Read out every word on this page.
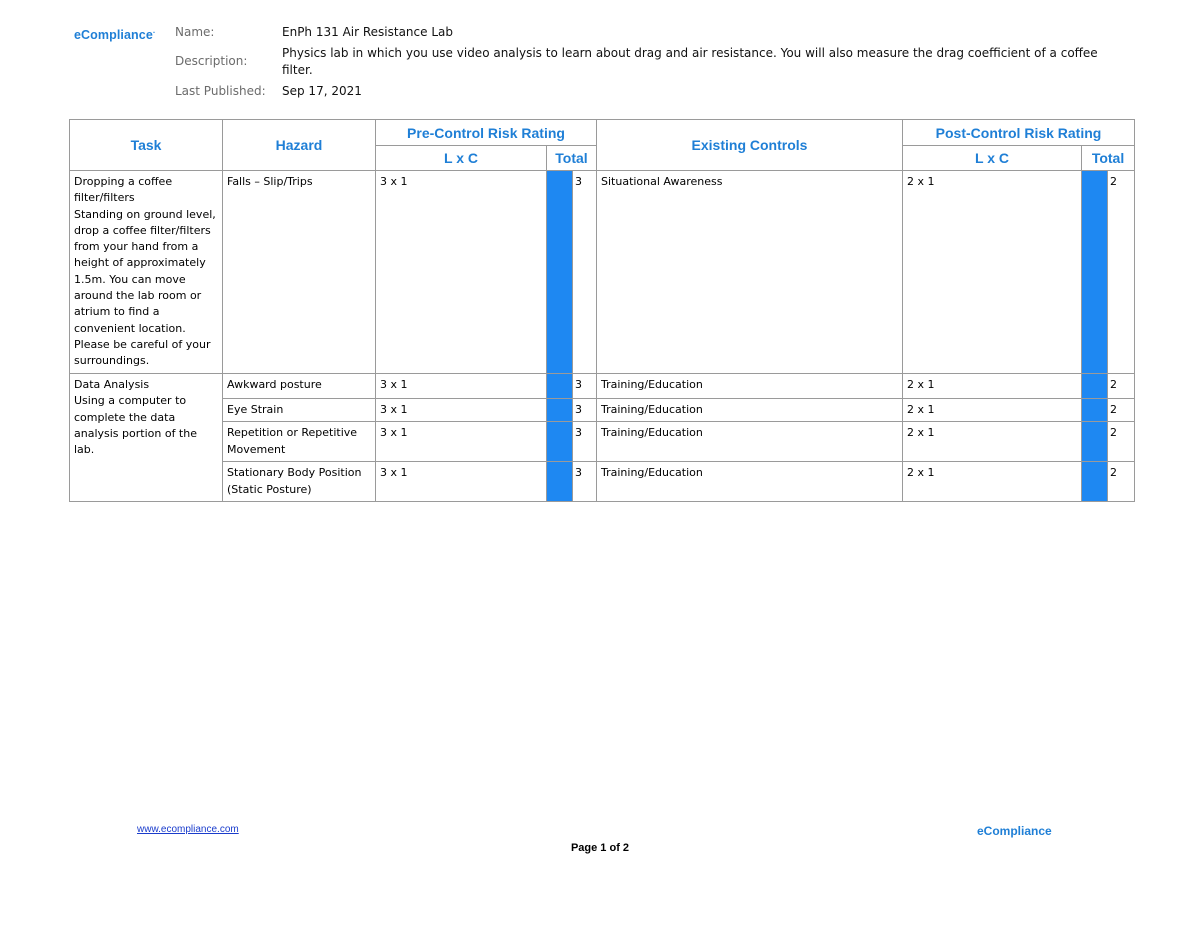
eCompliance· Name:	EnPh 131 Air Resistance Lab
Description:
Physics lab in which you use video analysis to learn about drag and air resistance. You will also measure the drag coefficient of a coffee filter.
Last Published: Sep 17, 2021
Task	Hazard	Pre-Control Risk Rating			Existing Controls	Post-Control Risk Rating		
		L x C	Total			L x C	Total	

Dropping a coffee filter/filters
Standing on ground level, drop a coffee filter/filters from your hand from a height of approximately 1.5m. You can move around the lab room or atrium to find a convenient location. Please be careful of your surroundings.	Falls – Slip/Trips	3 x 1		3	Situational Awareness	2 x 1		2

Data Analysis
Using a computer to complete the data analysis portion of the lab.	Awkward posture	3 x 1		3	Training/Education	2 x 1		2

	Eye Strain	3 x 1		3	Training/Education	2 x 1		2

	Repetition or Repetitive Movement	3 x 1		3	Training/Education	2 x 1		2

	Stationary Body Position (Static Posture)	3 x 1		3	Training/Education	2 x 1		2
www.ecompliance.com	eCompliance
Page 1 of 2
